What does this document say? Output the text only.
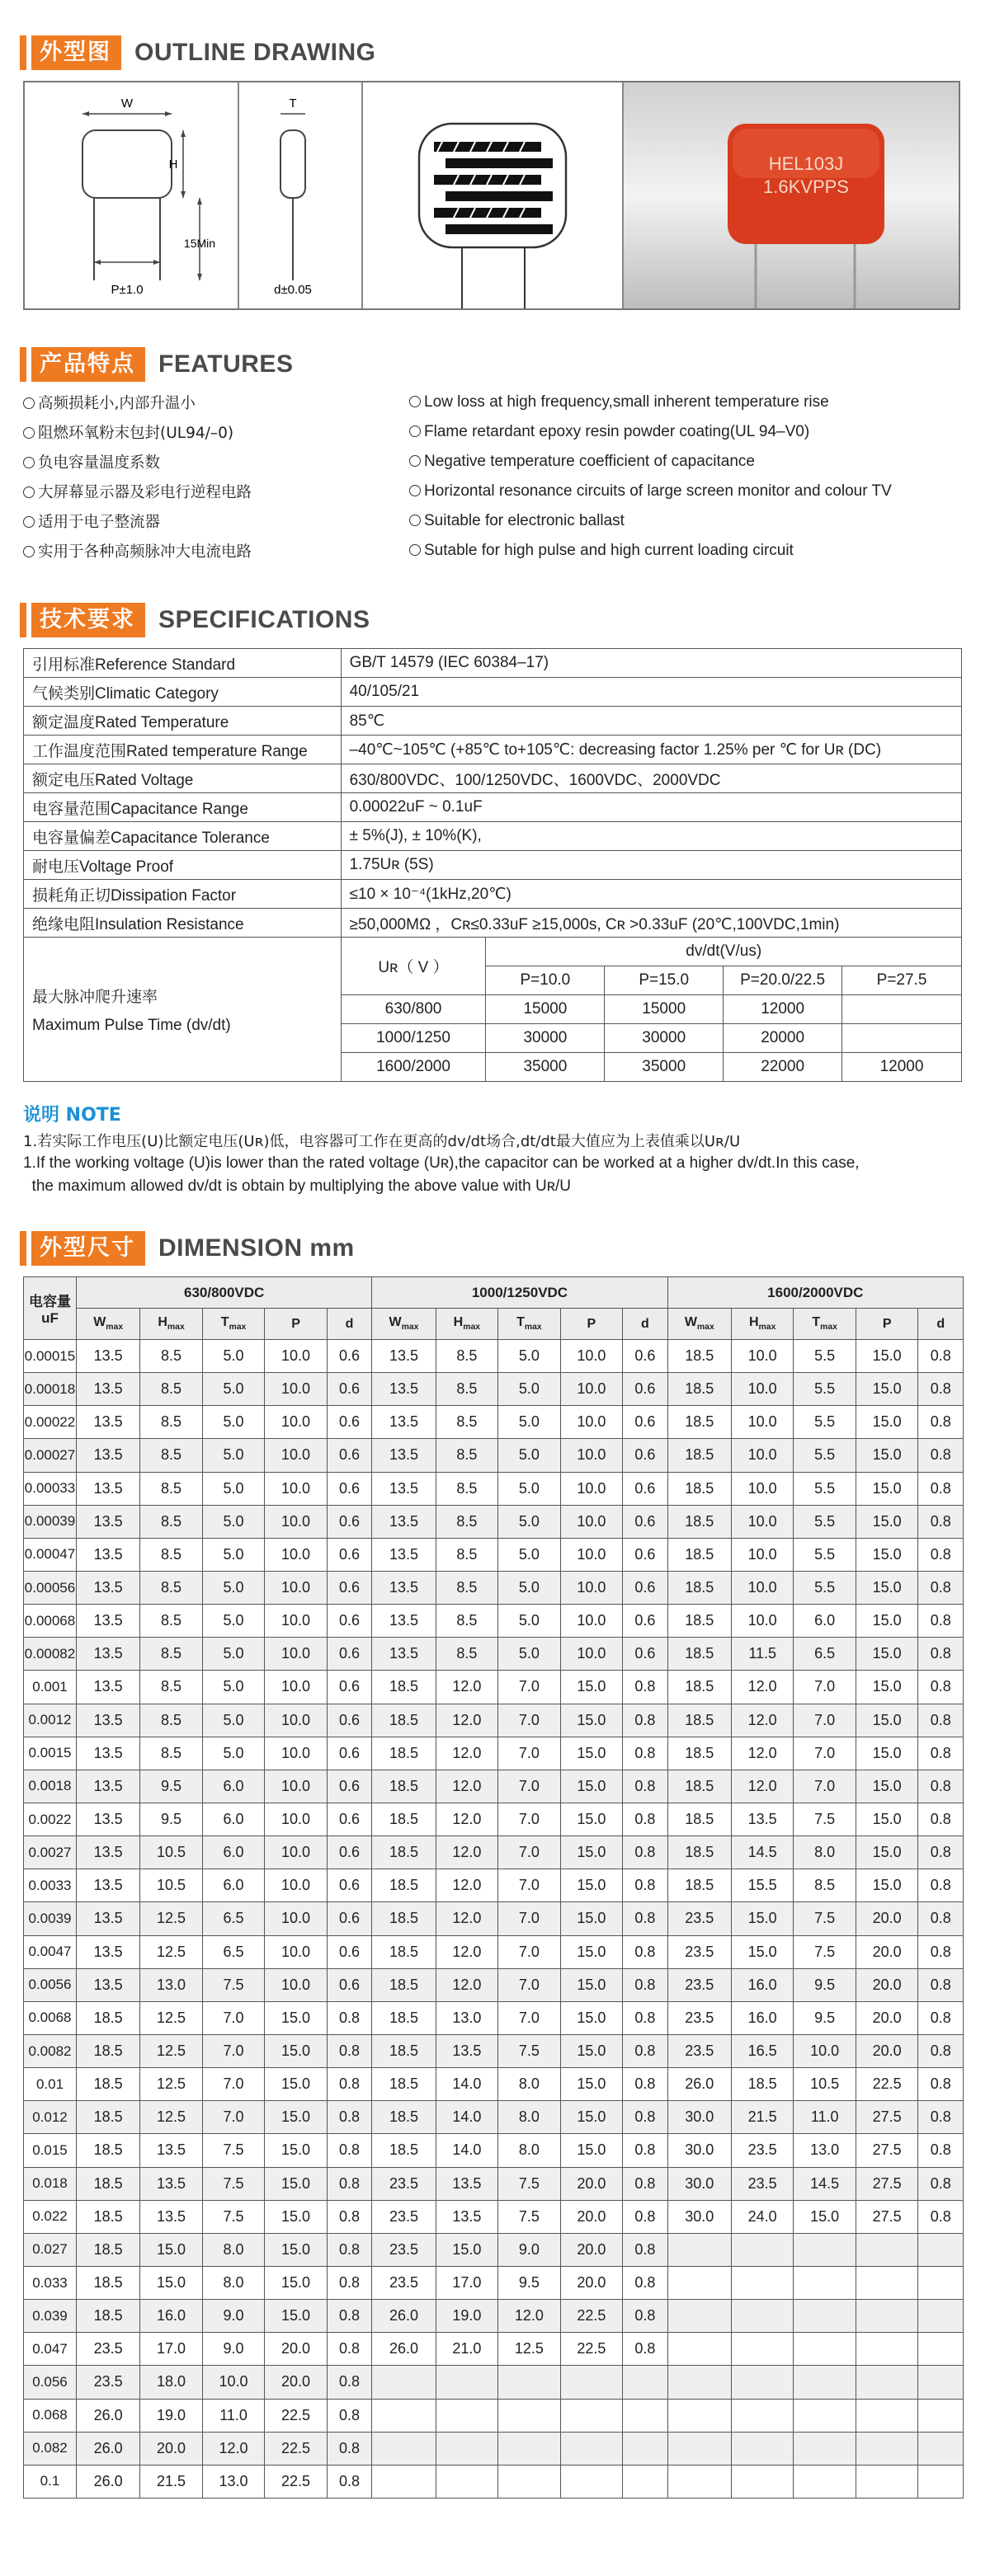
外型图 OUTLINE DRAWING
W
H
15Min
P±1.0
T
d±0.05
HEL103J
1.6KVPPS
产品特点 FEATURES
高频损耗小,内部升温小	Low loss at high frequency,small inherent temperature rise
阻燃环氧粉末包封(UL94/–0)	Flame retardant epoxy resin powder coating(UL 94–V0)
负电容量温度系数	Negative temperature coefficient of capacitance
大屏幕显示器及彩电行逆程电路	Horizontal resonance circuits of large screen monitor and colour TV
适用于电子整流器	Suitable for electronic ballast
实用于各种高频脉冲大电流电路	Sutable for high pulse and high current loading circuit
技术要求 SPECIFICATIONS
引用标准Reference Standard	GB/T 14579 (IEC 60384–17)				
气候类别Climatic Category	40/105/21				
额定温度Rated Temperature	85℃				
工作温度范围Rated temperature Range	–40℃~105℃ (+85℃ to+105℃: decreasing factor 1.25% per ℃ for Uʀ (DC)				
额定电压Rated Voltage	630/800VDC、100/1250VDC、1600VDC、2000VDC				
电容量范围Capacitance Range	0.00022uF ~ 0.1uF				
电容量偏差Capacitance Tolerance	± 5%(J), ± 10%(K),				
耐电压Voltage Proof	1.75Uʀ (5S)				
损耗角正切Dissipation Factor	≤10 × 10⁻⁴(1kHz,20℃)				
绝缘电阻Insulation Resistance	≥50,000MΩ ，Cʀ≤0.33uF ≥15,000s, Cʀ >0.33uF (20℃,100VDC,1min)				

最大脉冲爬升速率
Maximum Pulse Time (dv/dt)	Uʀ（ V ）	dv/dt(V/us)			
		P=10.0	P=15.0	P=20.0/22.5	P=27.5
	630/800	15000	15000	12000	
	1000/1250	30000	30000	20000	
	1600/2000	35000	35000	22000	12000
说明 NOTE
1.若实际工作电压(U)比额定电压(Uʀ)低，电容器可工作在更高的dv/dt场合,dt/dt最大值应为上表值乘以Uʀ/U
1.If the working voltage (U)is lower than the rated voltage (Uʀ),the capacitor can be worked at a higher dv/dt.In this case,
the maximum allowed dv/dt is obtain by multiplying the above value with Uʀ/U
外型尺寸 DIMENSION mm
电容量
uF	630/800VDC					1000/1250VDC					1600/2000VDC				
	$W_{max}$	$H_{max}$	$T_{max}$	P	d	$W_{max}$	$H_{max}$	$T_{max}$	P	d	$W_{max}$	$H_{max}$	$T_{max}$	P	d
0.00015	13.5	8.5	5.0	10.0	0.6	13.5	8.5	5.0	10.0	0.6	18.5	10.0	5.5	15.0	0.8
0.00018	13.5	8.5	5.0	10.0	0.6	13.5	8.5	5.0	10.0	0.6	18.5	10.0	5.5	15.0	0.8
0.00022	13.5	8.5	5.0	10.0	0.6	13.5	8.5	5.0	10.0	0.6	18.5	10.0	5.5	15.0	0.8
0.00027	13.5	8.5	5.0	10.0	0.6	13.5	8.5	5.0	10.0	0.6	18.5	10.0	5.5	15.0	0.8
0.00033	13.5	8.5	5.0	10.0	0.6	13.5	8.5	5.0	10.0	0.6	18.5	10.0	5.5	15.0	0.8
0.00039	13.5	8.5	5.0	10.0	0.6	13.5	8.5	5.0	10.0	0.6	18.5	10.0	5.5	15.0	0.8
0.00047	13.5	8.5	5.0	10.0	0.6	13.5	8.5	5.0	10.0	0.6	18.5	10.0	5.5	15.0	0.8
0.00056	13.5	8.5	5.0	10.0	0.6	13.5	8.5	5.0	10.0	0.6	18.5	10.0	5.5	15.0	0.8
0.00068	13.5	8.5	5.0	10.0	0.6	13.5	8.5	5.0	10.0	0.6	18.5	10.0	6.0	15.0	0.8
0.00082	13.5	8.5	5.0	10.0	0.6	13.5	8.5	5.0	10.0	0.6	18.5	11.5	6.5	15.0	0.8
0.001	13.5	8.5	5.0	10.0	0.6	18.5	12.0	7.0	15.0	0.8	18.5	12.0	7.0	15.0	0.8
0.0012	13.5	8.5	5.0	10.0	0.6	18.5	12.0	7.0	15.0	0.8	18.5	12.0	7.0	15.0	0.8
0.0015	13.5	8.5	5.0	10.0	0.6	18.5	12.0	7.0	15.0	0.8	18.5	12.0	7.0	15.0	0.8
0.0018	13.5	9.5	6.0	10.0	0.6	18.5	12.0	7.0	15.0	0.8	18.5	12.0	7.0	15.0	0.8
0.0022	13.5	9.5	6.0	10.0	0.6	18.5	12.0	7.0	15.0	0.8	18.5	13.5	7.5	15.0	0.8
0.0027	13.5	10.5	6.0	10.0	0.6	18.5	12.0	7.0	15.0	0.8	18.5	14.5	8.0	15.0	0.8
0.0033	13.5	10.5	6.0	10.0	0.6	18.5	12.0	7.0	15.0	0.8	18.5	15.5	8.5	15.0	0.8
0.0039	13.5	12.5	6.5	10.0	0.6	18.5	12.0	7.0	15.0	0.8	23.5	15.0	7.5	20.0	0.8
0.0047	13.5	12.5	6.5	10.0	0.6	18.5	12.0	7.0	15.0	0.8	23.5	15.0	7.5	20.0	0.8
0.0056	13.5	13.0	7.5	10.0	0.6	18.5	12.0	7.0	15.0	0.8	23.5	16.0	9.5	20.0	0.8
0.0068	18.5	12.5	7.0	15.0	0.8	18.5	13.0	7.0	15.0	0.8	23.5	16.0	9.5	20.0	0.8
0.0082	18.5	12.5	7.0	15.0	0.8	18.5	13.5	7.5	15.0	0.8	23.5	16.5	10.0	20.0	0.8
0.01	18.5	12.5	7.0	15.0	0.8	18.5	14.0	8.0	15.0	0.8	26.0	18.5	10.5	22.5	0.8
0.012	18.5	12.5	7.0	15.0	0.8	18.5	14.0	8.0	15.0	0.8	30.0	21.5	11.0	27.5	0.8
0.015	18.5	13.5	7.5	15.0	0.8	18.5	14.0	8.0	15.0	0.8	30.0	23.5	13.0	27.5	0.8
0.018	18.5	13.5	7.5	15.0	0.8	23.5	13.5	7.5	20.0	0.8	30.0	23.5	14.5	27.5	0.8
0.022	18.5	13.5	7.5	15.0	0.8	23.5	13.5	7.5	20.0	0.8	30.0	24.0	15.0	27.5	0.8
0.027	18.5	15.0	8.0	15.0	0.8	23.5	15.0	9.0	20.0	0.8					
0.033	18.5	15.0	8.0	15.0	0.8	23.5	17.0	9.5	20.0	0.8					
0.039	18.5	16.0	9.0	15.0	0.8	26.0	19.0	12.0	22.5	0.8					
0.047	23.5	17.0	9.0	20.0	0.8	26.0	21.0	12.5	22.5	0.8					
0.056	23.5	18.0	10.0	20.0	0.8										
0.068	26.0	19.0	11.0	22.5	0.8										
0.082	26.0	20.0	12.0	22.5	0.8										
0.1	26.0	21.5	13.0	22.5	0.8										
